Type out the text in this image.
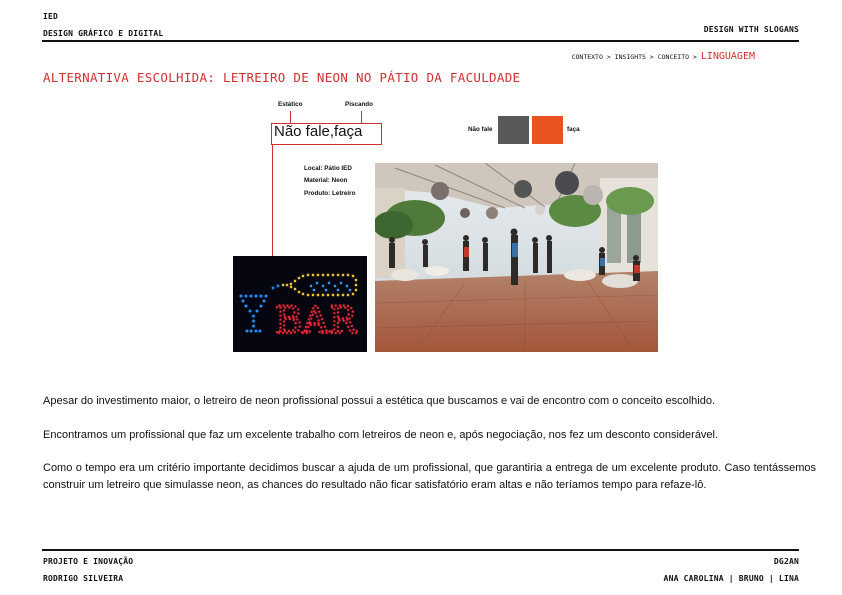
IED
DESIGN GRÁFICO E DIGITAL	DESIGN WITH SLOGANS
CONTEXTO > INSIGHTS > CONCEITO > LINGUAGEM
ALTERNATIVA ESCOLHIDA: LETREIRO DE NEON NO PÁTIO DA FACULDADE
Estático	Piscando
Não fale,faça	Não fale	faça
Local: Pátio IED
Material: Neon
Produto: Letreiro
BAR
Apesar do investimento maior, o letreiro de neon profissional possui a estética que buscamos e vai de encontro com o conceito escolhido.
Encontramos um profissional que faz um excelente trabalho com letreiros de neon e, após negociação, nos fez um desconto considerável.
Como o tempo era um critério importante decidimos buscar a ajuda de um profissional, que garantiria a entrega de um excelente produto. Caso tentássemos construir um letreiro que simulasse neon, as chances do resultado não ficar satisfatório eram altas e não teríamos tempo para refaze-lô.
PROJETO E INOVAÇÃO
RODRIGO SILVEIRA
DG2AN
ANA CAROLINA | BRUNO | LINA
